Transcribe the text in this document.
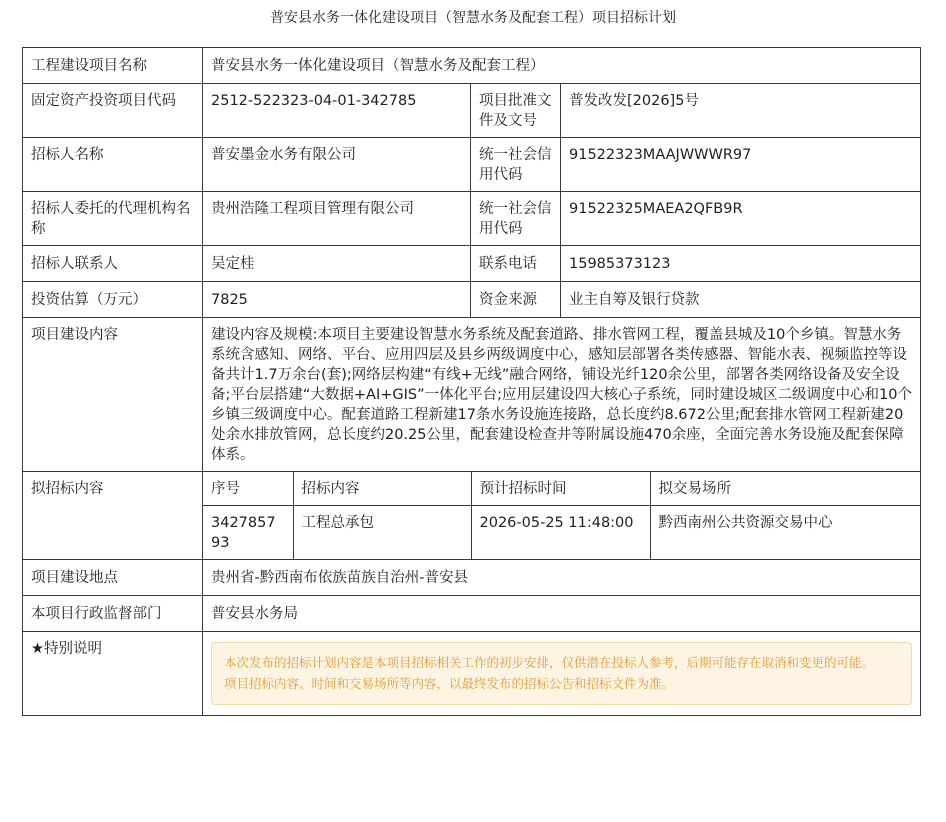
普安县水务一体化建设项目（智慧水务及配套工程）项目招标计划
工程建设项目名称	普安县水务一体化建设项目（智慧水务及配套工程）
固定资产投资项目代码	2512-522323-04-01-342785	项目批准文件及文号	普发改发[2026]5号
招标人名称	普安墨金水务有限公司	统一社会信用代码	91522323MAAJWWWR97
招标人委托的代理机构名称	贵州浩隆工程项目管理有限公司	统一社会信用代码	91522325MAEA2QFB9R
招标人联系人	吴定桂	联系电话	15985373123
投资估算（万元）	7825	资金来源	业主自筹及银行贷款
项目建设内容	建设内容及规模:本项目主要建设智慧水务系统及配套道路、排水管网工程，覆盖县城及10个乡镇。智慧水务系统含感知、网络、平台、应用四层及县乡两级调度中心，感知层部署各类传感器、智能水表、视频监控等设备共计1.7万余台(套);网络层构建“有线+无线”融合网络，铺设光纤120余公里，部署各类网络设备及安全设备;平台层搭建“大数据+AI+GIS”一体化平台;应用层建设四大核心子系统，同时建设城区二级调度中心和10个乡镇三级调度中心。配套道路工程新建17条水务设施连接路，总长度约8.672公里;配套排水管网工程新建20处余水排放管网，总长度约20.25公里，配套建设检查井等附属设施470余座，全面完善水务设施及配套保障体系。
拟招标内容		序号	招标内容	预计招标时间	拟交易场所
342785793	工程总承包	2026-05-25 11:48:00	黔西南州公共资源交易中心

项目建设地点	贵州省-黔西南布依族苗族自治州-普安县
本项目行政监督部门	普安县水务局
★特别说明	

本次发布的招标计划内容是本项目招标相关工作的初步安排，仅供潜在投标人参考，后期可能存在取消和变更的可能。

项目招标内容、时间和交易场所等内容，以最终发布的招标公告和招标文件为准。
